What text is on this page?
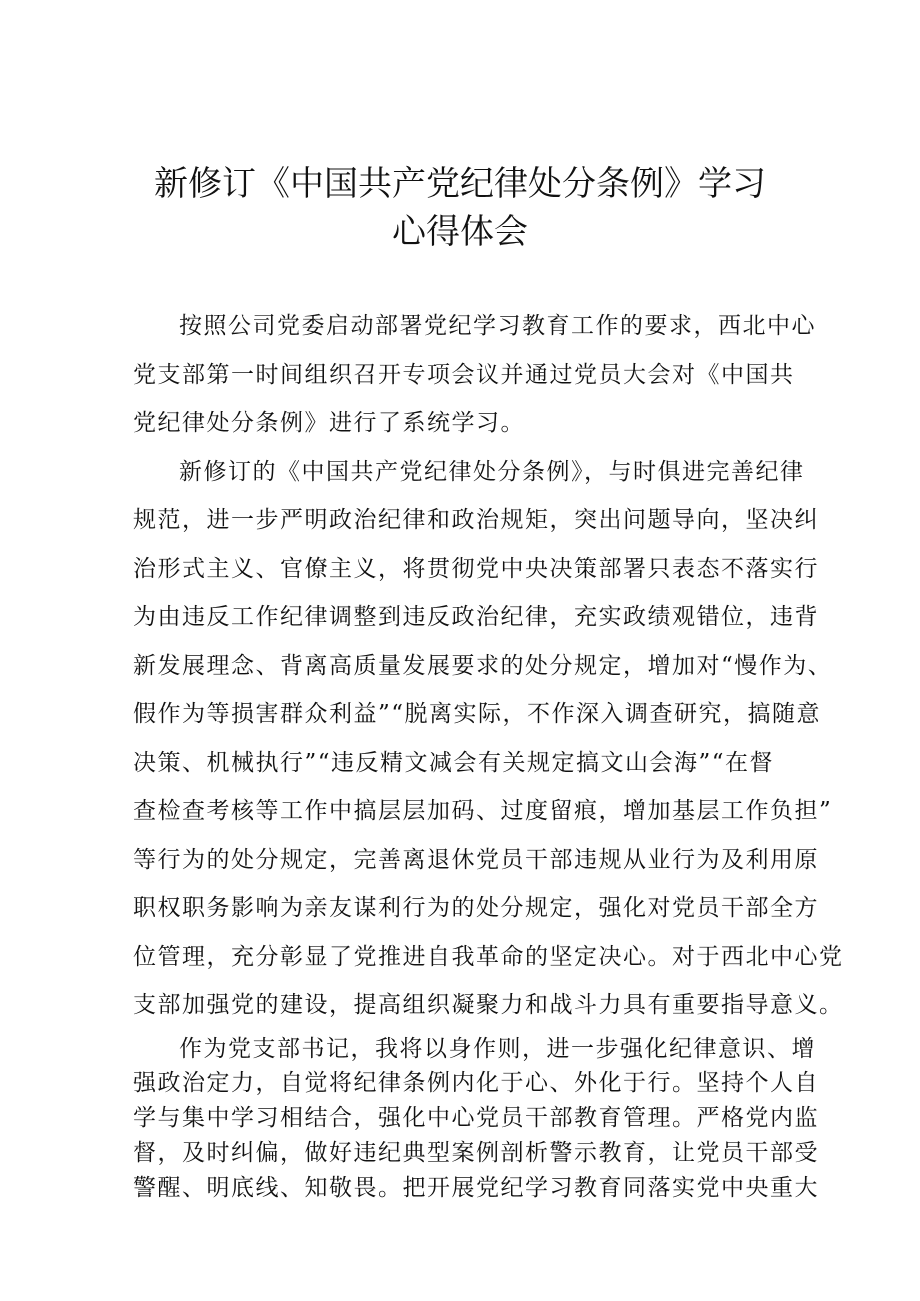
新修订《中国共产党纪律处分条例》学习
心得体会
按照公司党委启动部署党纪学习教育工作的要求，西北中心
党支部第一时间组织召开专项会议并通过党员大会对《中国共
党纪律处分条例》进行了系统学习。
新修订的《中国共产党纪律处分条例》，与时俱进完善纪律
规范，进一步严明政治纪律和政治规矩，突出问题导向，坚决纠
治形式主义、官僚主义，将贯彻党中央决策部署只表态不落实行
为由违反工作纪律调整到违反政治纪律，充实政绩观错位，违背
新发展理念、背离高质量发展要求的处分规定，增加对“慢作为、
假作为等损害群众利益”“脱离实际，不作深入调查研究，搞随意
决策、机械执行”“违反精文减会有关规定搞文山会海”“在督
查检查考核等工作中搞层层加码、过度留痕，增加基层工作负担”
等行为的处分规定，完善离退休党员干部违规从业行为及利用原
职权职务影响为亲友谋利行为的处分规定，强化对党员干部全方
位管理，充分彰显了党推进自我革命的坚定决心。对于西北中心党
支部加强党的建设，提高组织凝聚力和战斗力具有重要指导意义。
作为党支部书记，我将以身作则，进一步强化纪律意识、增
强政治定力，自觉将纪律条例内化于心、外化于行。坚持个人自
学与集中学习相结合，强化中心党员干部教育管理。严格党内监
督，及时纠偏，做好违纪典型案例剖析警示教育，让党员干部受
警醒、明底线、知敬畏。把开展党纪学习教育同落实党中央重大
